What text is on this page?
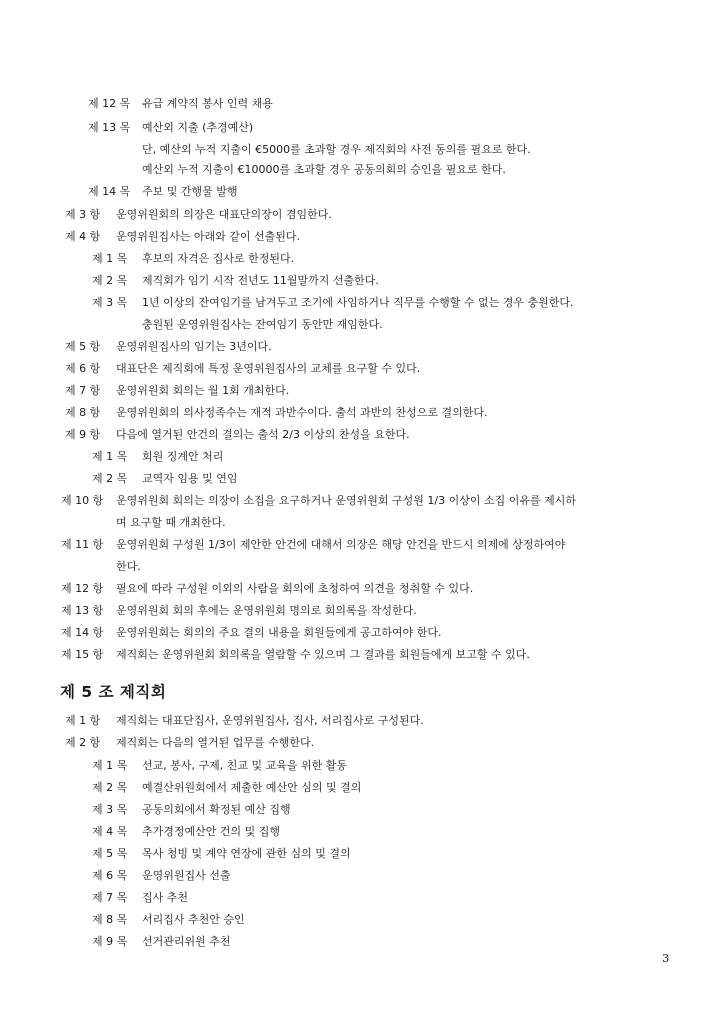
제 12 목 유급 계약직 봉사 인력 채용
제 13 목 예산외 지출 (추경예산)
단, 예산외 누적 지출이 €5000를 초과할 경우 제직회의 사전 동의를 필요로 한다.
예산외 누적 지출이 €10000를 초과할 경우 공동의회의 승인을 필요로 한다.
제 14 목 주보 및 간행물 발행
제 3 항 운영위원회의 의장은 대표단의장이 겸임한다.
제 4 항 운영위원집사는 아래와 같이 선출된다.
제 1 목 후보의 자격은 집사로 한정된다.
제 2 목 제직회가 임기 시작 전년도 11월말까지 선출한다.
제 3 목 1년 이상의 잔여임기를 남겨두고 조기에 사임하거나 직무를 수행할 수 없는 경우 충원한다.
충원된 운영위원집사는 잔여임기 동안만 재임한다.
제 5 항 운영위원집사의 임기는 3년이다.
제 6 항 대표단은 제직회에 특정 운영위원집사의 교체를 요구할 수 있다.
제 7 항 운영위원회 회의는 월 1회 개최한다.
제 8 항 운영위원회의 의사정족수는 재적 과반수이다. 출석 과반의 찬성으로 결의한다.
제 9 항 다음에 열거된 안건의 결의는 출석 2/3 이상의 찬성을 요한다.
제 1 목 회원 징계안 처리
제 2 목 교역자 임용 및 연임
제 10 항 운영위원회 회의는 의장이 소집을 요구하거나 운영위원회 구성원 1/3 이상이 소집 이유를 제시하
며 요구할 때 개최한다.
제 11 항 운영위원회 구성원 1/3이 제안한 안건에 대해서 의장은 해당 안건을 반드시 의제에 상정하여야
한다.
제 12 항 필요에 따라 구성원 이외의 사람을 회의에 초청하여 의견을 청취할 수 있다.
제 13 항 운영위원회 회의 후에는 운영위원회 명의로 회의록을 작성한다.
제 14 항 운영위원회는 회의의 주요 결의 내용을 회원들에게 공고하여야 한다.
제 15 항 제직회는 운영위원회 회의록을 열람할 수 있으며 그 결과를 회원들에게 보고할 수 있다.
제 5 조 제직회
제 1 항 제직회는 대표단집사, 운영위원집사, 집사, 서리집사로 구성된다.
제 2 항 제직회는 다음의 열거된 업무를 수행한다.
제 1 목 선교, 봉사, 구제, 친교 및 교육을 위한 활동
제 2 목 예결산위원회에서 제출한 예산안 심의 및 결의
제 3 목 공동의회에서 확정된 예산 집행
제 4 목 추가경정예산안 건의 및 집행
제 5 목 목사 청빙 및 계약 연장에 관한 심의 및 결의
제 6 목 운영위원집사 선출
제 7 목 집사 추천
제 8 목 서리집사 추천안 승인
제 9 목 선거관리위원 추천
3
